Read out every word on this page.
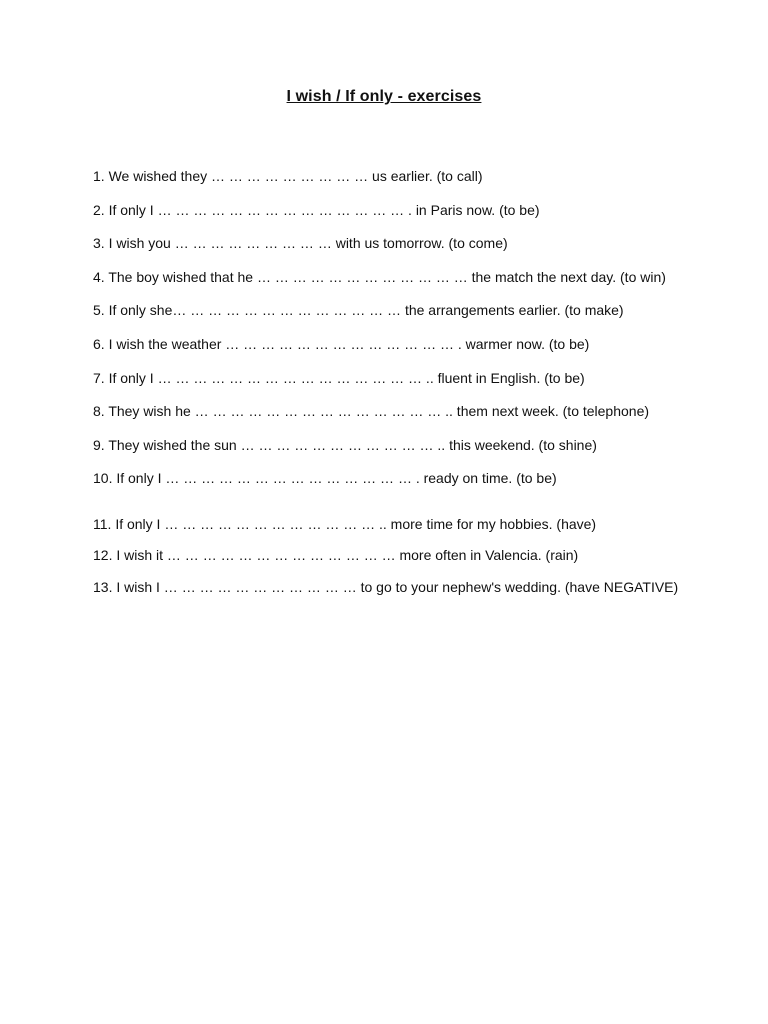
I wish / If only - exercises
1. We wished they … … … … … … … … … us earlier. (to call)
2. If only I … … … … … … … … … … … … … … . in Paris now. (to be)
3. I wish you … … … … … … … … … with us tomorrow. (to come)
4. The boy wished that he … … … … … … … … … … … … the match the next day. (to win)
5. If only she… … … … … … … … … … … … … the arrangements earlier. (to make)
6. I wish the weather … … … … … … … … … … … … … . warmer now. (to be)
7. If only I … … … … … … … … … … … … … … … .. fluent in English. (to be)
8. They wish he … … … … … … … … … … … … … … .. them next week. (to telephone)
9. They wished the sun … … … … … … … … … … … .. this weekend. (to shine)
10. If only I … … … … … … … … … … … … … … . ready on time. (to be)
11. If only I … … … … … … … … … … … … .. more time for my hobbies. (have)
12. I wish it … … … … … … … … … … … … … more often in Valencia. (rain)
13. I wish I … … … … … … … … … … … to go to your nephew's wedding. (have NEGATIVE)
